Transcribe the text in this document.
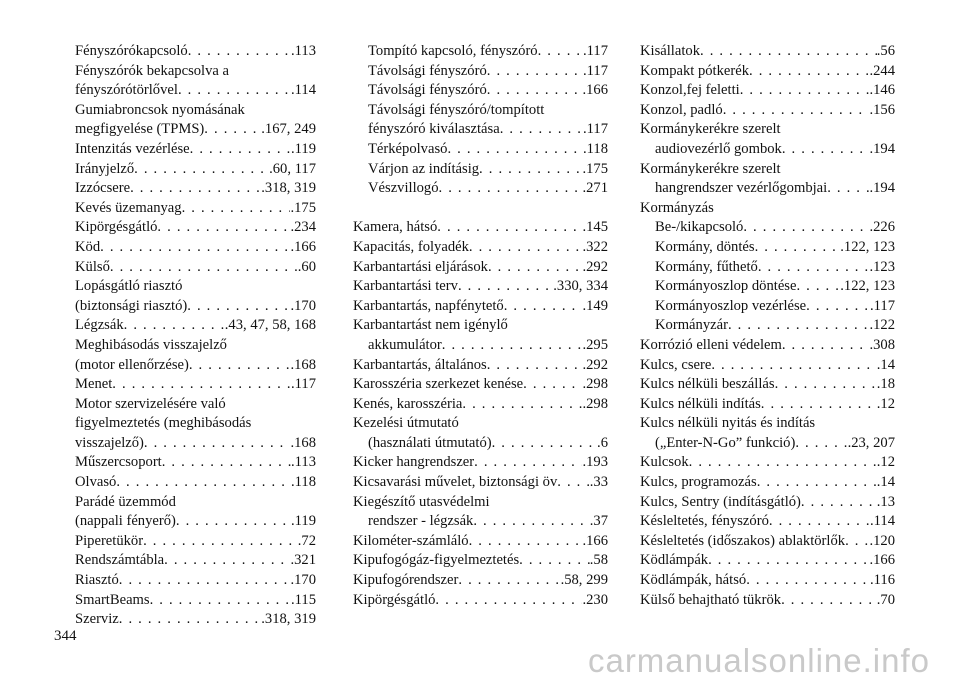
Fényszórókapcsoló . . .	.113
Fényszórók bekapcsolva a
fényszórótörlővel . . .	.114
Gumiabroncsok nyomásának
megfigyelése (TPMS) . . .	.167, 249
Intenzitás vezérlése . . .	.119
Irányjelző . . .	.60, 117
Izzócsere . . .	.318, 319
Kevés üzemanyag . . .	.175
Kipörgésgátló . . .	.234
Köd . . .	.166
Külső . . .	.60
Lopásgátló riasztó
(biztonsági riasztó) . . .	.170
Légzsák . . .	.43, 47, 58, 168
Meghibásodás visszajelző
(motor ellenőrzése) . . .	.168
Menet . . .	.117
Motor szervizelésére való
figyelmeztetés (meghibásodás
visszajelző) . . .	.168
Műszercsoport . . .	.113
Olvasó . . .	.118
Parádé üzemmód
(nappali fényerő) . . .	.119
Piperetükör . . .	.72
Rendszámtábla . . .	.321
Riasztó . . .	.170
SmartBeams . . .	.115
Szerviz . . .	.318, 319
Tompító kapcsoló, fényszóró . . .	.117
Távolsági fényszóró . . .	.117
Távolsági fényszóró . . .	.166
Távolsági fényszóró/tompított
fényszóró kiválasztása . . .	.117
Térképolvasó . . .	.118
Várjon az indításig . . .	.175
Vészvillogó . . .	.271
Kamera, hátsó . . .	.145
Kapacitás, folyadék . . .	.322
Karbantartási eljárások . . .	.292
Karbantartási terv . . .	.330, 334
Karbantartás, napfénytető . . .	.149
Karbantartást nem igénylő
akkumulátor . . .	.295
Karbantartás, általános . . .	.292
Karosszéria szerkezet kenése . . .	.298
Kenés, karosszéria . . .	.298
Kezelési útmutató
(használati útmutató) . . .	.6
Kicker hangrendszer . . .	.193
Kicsavarási művelet, biztonsági öv . . . .33
Kiegészítő utasvédelmi
rendszer - légzsák . . .	.37
Kilométer-számláló . . .	.166
Kipufogógáz-figyelmeztetés . . .	.58
Kipufogórendszer . . .	.58, 299
Kipörgésgátló . . .	.230
Kisállatok . . .	.56
Kompakt pótkerék . . .	.244
Konzol,fej feletti . . .	.146
Konzol, padló . . .	.156
Kormánykerékre szerelt
audiovezérlő gombok . . .	.194
Kormánykerékre szerelt
hangrendszer vezérlőgombjai . . .	.194
Kormányzás
Be-/kikapcsoló . . .	.226
Kormány, döntés . . .	.122, 123
Kormány, fűthető . . .	.123
Kormányoszlop döntése . . .	.122, 123
Kormányoszlop vezérlése . . .	.117
Kormányzár . . .	.122
Korrózió elleni védelem . . .	.308
Kulcs, csere . . .	.14
Kulcs nélküli beszállás . . .	.18
Kulcs nélküli indítás . . .	.12
Kulcs nélküli nyitás és indítás
(„Enter-N-Go” funkció) . . .	.23, 207
Kulcsok . . .	.12
Kulcs, programozás . . .	.14
Kulcs, Sentry (indításgátló) . . .	.13
Késleltetés, fényszóró . . .	.114
Késleltetés (időszakos) ablaktörlők . . . .120
Ködlámpák . . .	.166
Ködlámpák, hátsó . . .	.116
Külső behajtható tükrök . . .	.70
344
carmanualsonline.info
